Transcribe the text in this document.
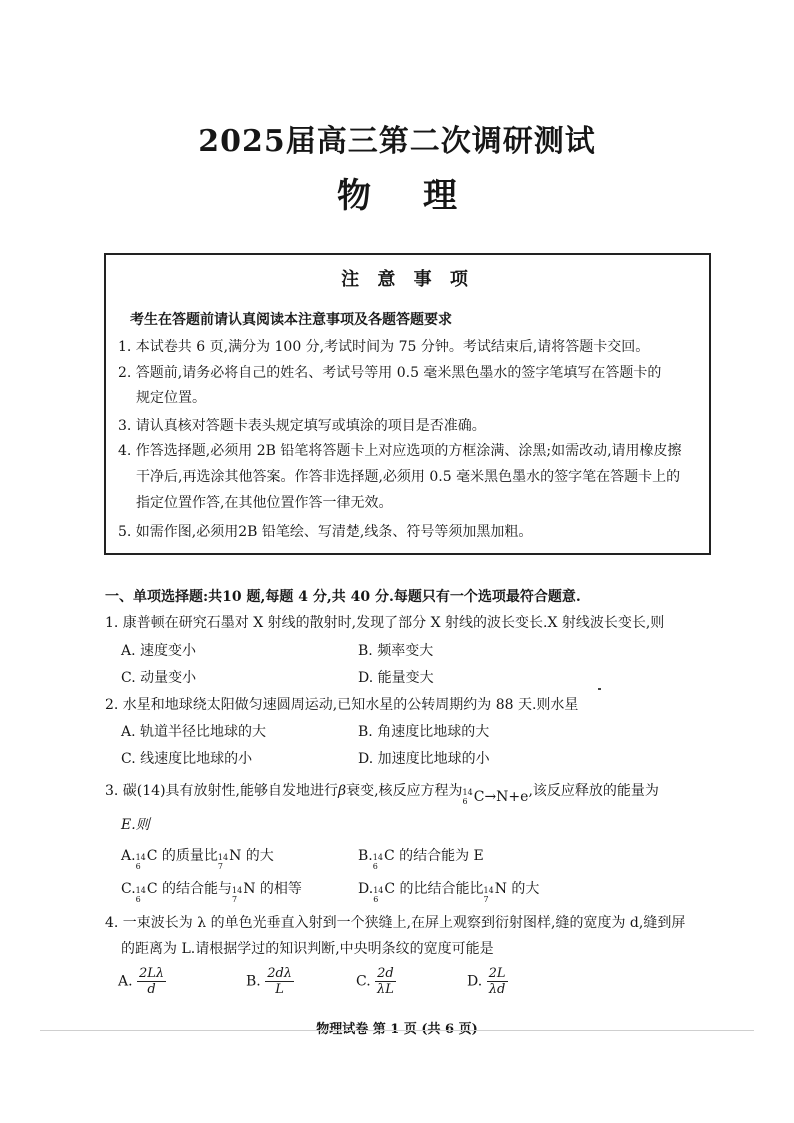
2025届高三第二次调研测试
物 理
注 意 事 项
考生在答题前请认真阅读本注意事项及各题答题要求
1. 本试卷共 6 页,满分为 100 分,考试时间为 75 分钟。考试结束后,请将答题卡交回。
2. 答题前,请务必将自己的姓名、考试号等用 0.5 毫米黑色墨水的签字笔填写在答题卡的
规定位置。
3. 请认真核对答题卡表头规定填写或填涂的项目是否准确。
4. 作答选择题,必须用 2B 铅笔将答题卡上对应选项的方框涂满、涂黑;如需改动,请用橡皮擦
干净后,再选涂其他答案。作答非选择题,必须用 0.5 毫米黑色墨水的签字笔在答题卡上的
指定位置作答,在其他位置作答一律无效。
5. 如需作图,必须用2B 铅笔绘、写清楚,线条、符号等须加黑加粗。
一、单项选择题:共10 题,每题 4 分,共 40 分.每题只有一个选项最符合题意.
1. 康普顿在研究石墨对 X 射线的散射时,发现了部分 X 射线的波长变长.X 射线波长变长,则
A. 速度变小	B. 频率变大
C. 动量变小	D. 能量变大
2. 水星和地球绕太阳做匀速圆周运动,已知水星的公转周期约为 88 天.则水星
A. 轨道半径比地球的大	B. 角速度比地球的大
C. 线速度比地球的小	D. 加速度比地球的小
3. 碳(14)具有放射性,能够自发地进行β衰变,核反应方程为 14
6 C→N+e ,该反应释放的能量为
E.则
A. 14
6
C 的质量比 14
7
N 的大	B. 14
6
C 的结合能为 E
C. 14
6
C 的结合能与 14
7
N 的相等	D. 14
6
C 的比结合能比 14
7
N 的大
4. 一束波长为 λ 的单色光垂直入射到一个狭缝上,在屏上观察到衍射图样,缝的宽度为 d,缝到屏
的距离为 L.请根据学过的知识判断,中央明条纹的宽度可能是
A. $\frac{2L\lambda}{d}$	B. $\frac{2d\lambda}{L}$	C. $\frac{2d}{\lambda L}$	D. $\frac{2L}{\lambda d}$
物理试卷 第 1 页 (共 6 页)
